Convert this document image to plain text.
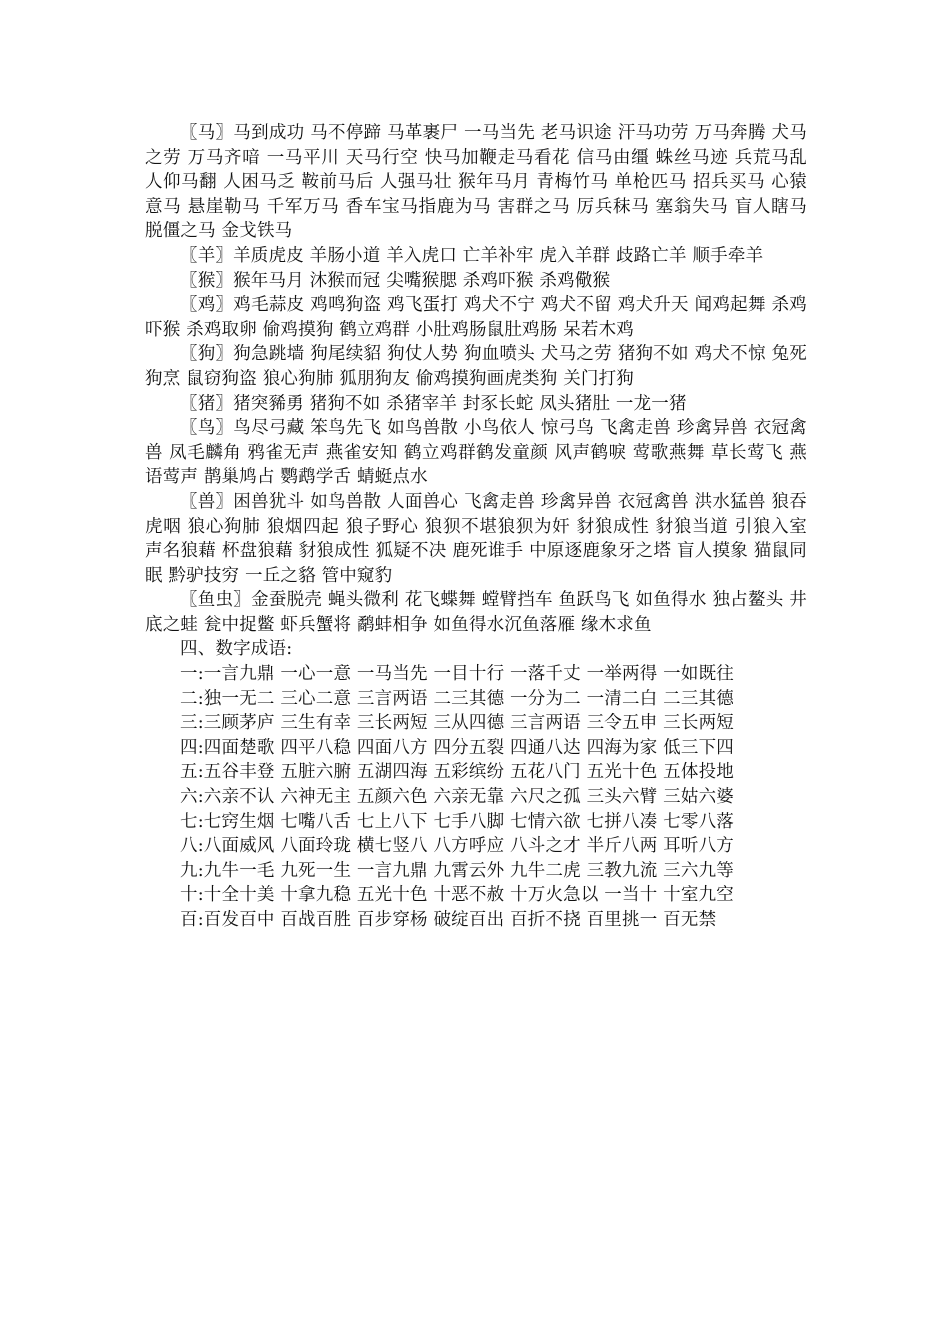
〖马〗马到成功 马不停蹄 马革裹尸 一马当先 老马识途 汗马功劳 万马奔腾 犬马之劳 万马齐喑 一马平川 天马行空 快马加鞭走马看花 信马由缰 蛛丝马迹 兵荒马乱 人仰马翻 人困马乏 鞍前马后 人强马壮 猴年马月 青梅竹马 单枪匹马 招兵买马 心猿意马 悬崖勒马 千军万马 香车宝马指鹿为马 害群之马 厉兵秣马 塞翁失马 盲人瞎马 脱僵之马 金戈铁马

〖羊〗羊质虎皮 羊肠小道 羊入虎口 亡羊补牢 虎入羊群 歧路亡羊 顺手牵羊

〖猴〗猴年马月 沐猴而冠 尖嘴猴腮 杀鸡吓猴 杀鸡儆猴

〖鸡〗鸡毛蒜皮 鸡鸣狗盗 鸡飞蛋打 鸡犬不宁 鸡犬不留 鸡犬升天 闻鸡起舞 杀鸡吓猴 杀鸡取卵 偷鸡摸狗 鹤立鸡群 小肚鸡肠鼠肚鸡肠 呆若木鸡

〖狗〗狗急跳墙 狗尾续貂 狗仗人势 狗血喷头 犬马之劳 猪狗不如 鸡犬不惊 兔死狗烹 鼠窃狗盗 狼心狗肺 狐朋狗友 偷鸡摸狗画虎类狗 关门打狗

〖猪〗猪突豨勇 猪狗不如 杀猪宰羊 封豕长蛇 凤头猪肚 一龙一猪

〖鸟〗鸟尽弓藏 笨鸟先飞 如鸟兽散 小鸟依人 惊弓鸟 飞禽走兽 珍禽异兽 衣冠禽兽 凤毛麟角 鸦雀无声 燕雀安知 鹤立鸡群鹤发童颜 风声鹤唳 莺歌燕舞 草长莺飞 燕语莺声 鹊巢鸠占 鹦鹉学舌 蜻蜓点水

〖兽〗困兽犹斗 如鸟兽散 人面兽心 飞禽走兽 珍禽异兽 衣冠禽兽 洪水猛兽 狼吞虎咽 狼心狗肺 狼烟四起 狼子野心 狼狈不堪狼狈为奸 豺狼成性 豺狼当道 引狼入室 声名狼藉 杯盘狼藉 豺狼成性 狐疑不决 鹿死谁手 中原逐鹿象牙之塔 盲人摸象 猫鼠同眠 黔驴技穷 一丘之貉 管中窥豹

〖鱼虫〗金蚕脱壳 蝇头微利 花飞蝶舞 螳臂挡车 鱼跃鸟飞 如鱼得水 独占鳌头 井底之蛙 瓮中捉鳖 虾兵蟹将 鹬蚌相争 如鱼得水沉鱼落雁 缘木求鱼

四、数字成语:

一:一言九鼎 一心一意 一马当先 一目十行 一落千丈 一举两得 一如既往

二:独一无二 三心二意 三言两语 二三其德 一分为二 一清二白 二三其德

三:三顾茅庐 三生有幸 三长两短 三从四德 三言两语 三令五申 三长两短

四:四面楚歌 四平八稳 四面八方 四分五裂 四通八达 四海为家 低三下四

五:五谷丰登 五脏六腑 五湖四海 五彩缤纷 五花八门 五光十色 五体投地

六:六亲不认 六神无主 五颜六色 六亲无靠 六尺之孤 三头六臂 三姑六婆

七:七窍生烟 七嘴八舌 七上八下 七手八脚 七情六欲 七拼八凑 七零八落

八:八面威风 八面玲珑 横七竖八 八方呼应 八斗之才 半斤八两 耳听八方

九:九牛一毛 九死一生 一言九鼎 九霄云外 九牛二虎 三教九流 三六九等

十:十全十美 十拿九稳 五光十色 十恶不赦 十万火急以 一当十 十室九空

百:百发百中 百战百胜 百步穿杨 破绽百出 百折不挠 百里挑一 百无禁
